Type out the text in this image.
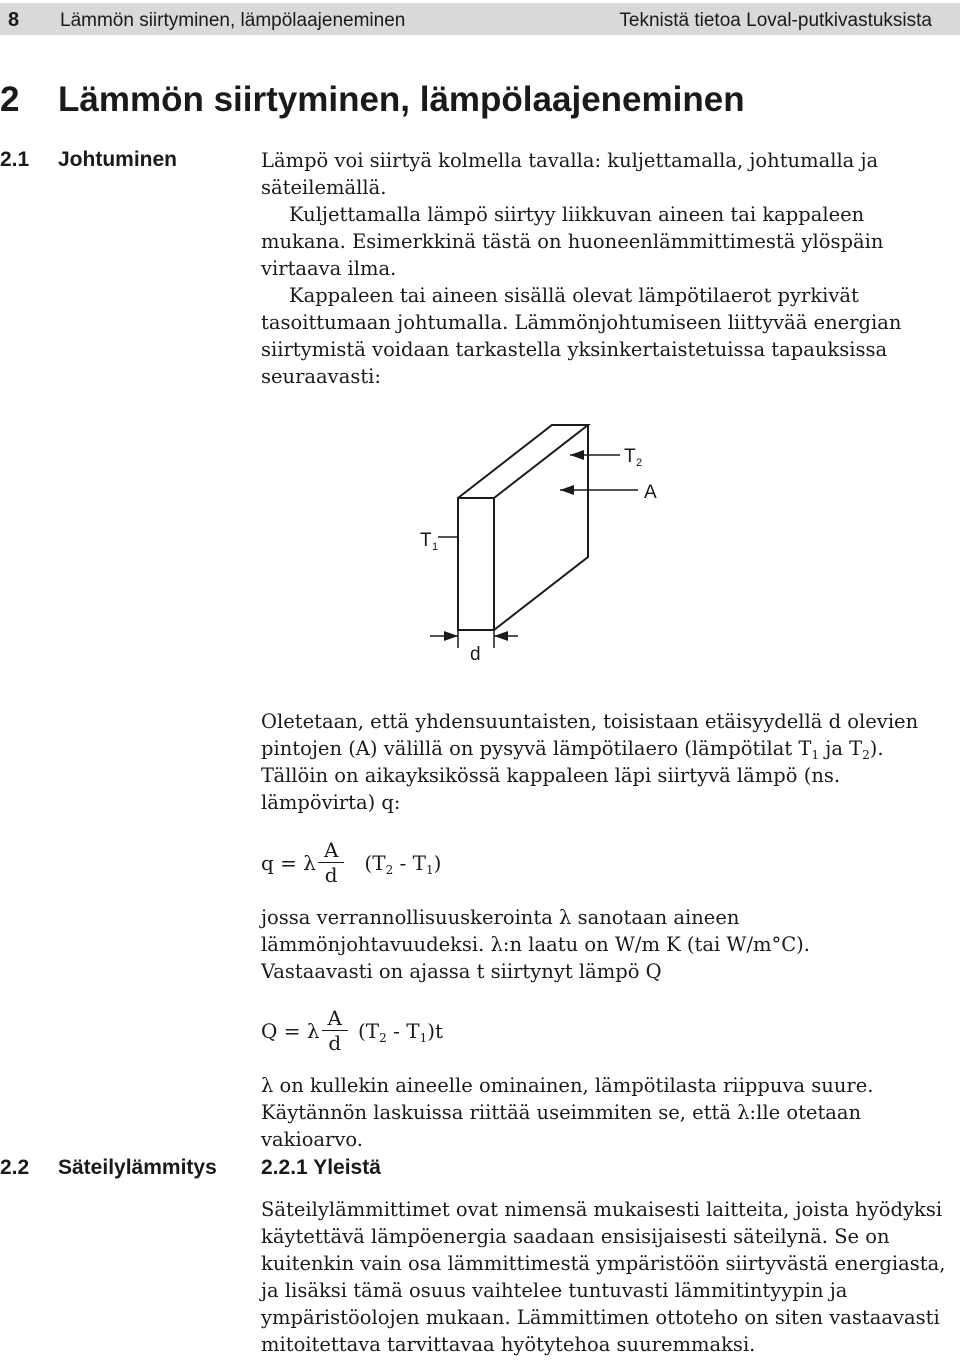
8 Lämmön siirtyminen, lämpölaajeneminen	Teknistä tietoa Loval-putkivastuksista
2 Lämmön siirtyminen, lämpölaajeneminen
2.1 Johtuminen	Lämpö voi siirtyä kolmella tavalla: kuljettamalla, johtumalla ja säteilemällä.

Kuljettamalla lämpö siirtyy liikkuvan aineen tai kappaleen mukana. Esimerkkinä tästä on huoneenlämmittimestä ylöspäin virtaava ilma.

Kappaleen tai aineen sisällä olevat lämpötilaerot pyrkivät tasoittumaan johtumalla. Lämmönjohtumiseen liittyvää energian siirtymistä voidaan tarkastella yksinkertaistetuissa tapauksissa seuraavasti:

T 2
A
T 1
d

Oletetaan, että yhdensuuntaisten, toisistaan etäisyydellä d olevien pintojen (A) välillä on pysyvä lämpötilaero (lämpötilat $T_1$ ja $T_2$). Tällöin on aikayksikössä kappaleen läpi siirtyvä lämpö (ns. lämpövirta) q:

q = λ $\frac{A}{d} (T_2 - T_1)$

jossa verrannollisuuskerointa λ sanotaan aineen lämmönjohtavuudeksi. λ:n laatu on W/m K (tai W/m°C).

Vastaavasti on ajassa t siirtynyt lämpö Q

Q = λ $\frac{A}{d} (T_2 - T_1)t$

λ on kullekin aineelle ominainen, lämpötilasta riippuva suure. Käytännön laskuissa riittää useimmiten se, että λ:lle otetaan vakioarvo.

2.2 Säteilylämmitys 2.2.1 Yleistä

Säteilylämmittimet ovat nimensä mukaisesti laitteita, joista hyödyksi käytettävä lämpöenergia saadaan ensisijaisesti säteilynä. Se on kuitenkin vain osa lämmittimestä ympäristöön siirtyvästä energiasta, ja lisäksi tämä osuus vaihtelee tuntuvasti lämmitintyypin ja ympäristöolojen mukaan. Lämmittimen ottoteho on siten vastaavasti mitoitettava tarvittavaa hyötytehoa suuremmaksi.
